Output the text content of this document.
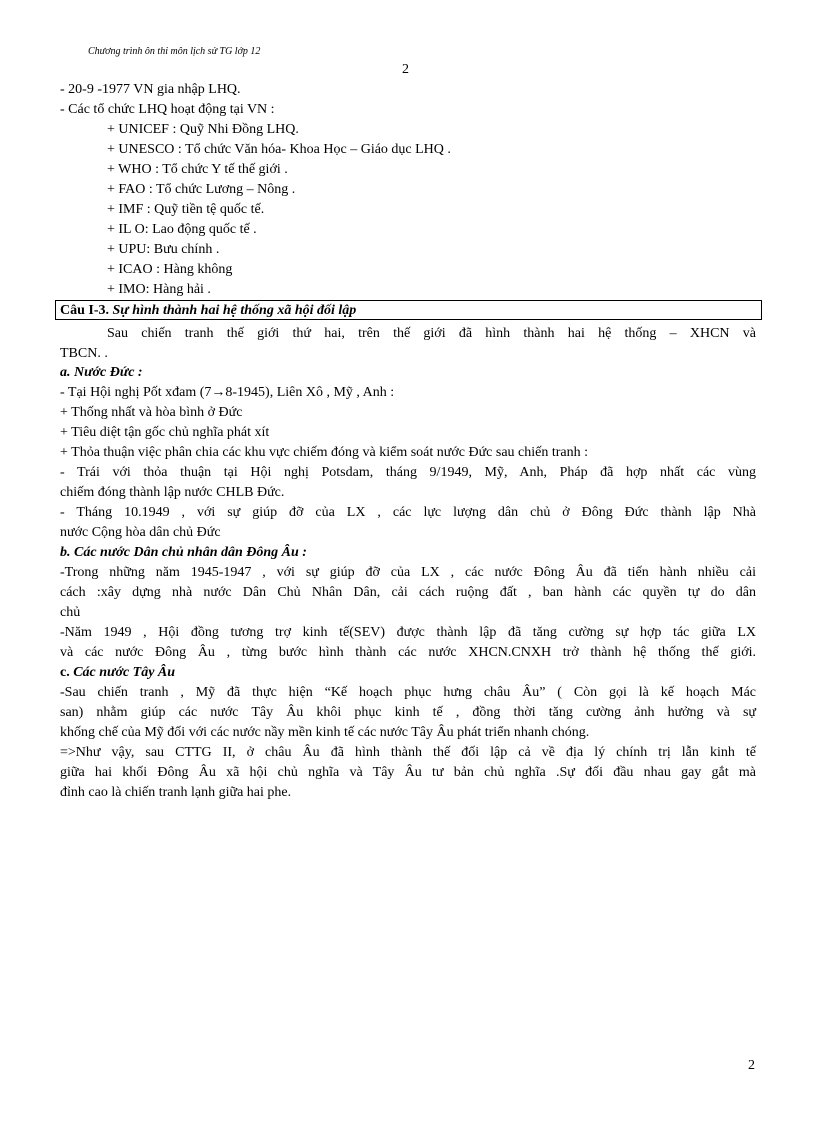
Chương trình ôn thi môn lịch sử TG lớp 12
2
- 20-9 -1977 VN gia nhập LHQ.
- Các tổ chức LHQ hoạt động tại VN :
+ UNICEF : Quỹ Nhi Đồng LHQ.
+ UNESCO : Tổ chức Văn hóa- Khoa Học – Giáo dục LHQ .
+ WHO : Tổ chức Y tế thế giới .
+ FAO : Tổ chức Lương – Nông .
+ IMF : Quỹ tiền tệ quốc tế.
+ IL O: Lao động quốc tế .
+ UPU: Bưu chính .
+ ICAO : Hàng không
+ IMO: Hàng hải .
Câu I-3. Sự hình thành hai hệ thống xã hội đối lập
Sau chiến tranh thế giới thứ hai, trên thế giới đã hình thành hai hệ thống – XHCN và
TBCN. .
a. Nước Đức :
- Tại Hội nghị Pốt xđam (7→8-1945), Liên Xô , Mỹ , Anh :
+ Thống nhất và hòa bình ở Đức
+ Tiêu diệt tận gốc chủ nghĩa phát xít
+ Thỏa thuận việc phân chia các khu vực chiếm đóng và kiểm soát nước Đức sau chiến tranh :
- Trái với thỏa thuận tại Hội nghị Potsdam, tháng 9/1949, Mỹ, Anh, Pháp đã hợp nhất các vùng
chiếm đóng thành lập nước CHLB Đức.
- Tháng 10.1949 , với sự giúp đỡ của LX , các lực lượng dân chủ ở Đông Đức thành lập Nhà
nước Cộng hòa dân chủ Đức
b. Các nước Dân chủ nhân dân Đông Âu :
-Trong những năm 1945-1947 , với sự giúp đỡ của LX , các nước Đông Âu đã tiến hành nhiều cải
cách :xây dựng nhà nước Dân Chủ Nhân Dân, cải cách ruộng đất , ban hành các quyền tự do dân
chủ
-Năm 1949 , Hội đồng tương trợ kinh tế(SEV) được thành lập đã tăng cường sự hợp tác giữa LX
và các nước Đông Âu , từng bước hình thành các nước XHCN.CNXH trở thành hệ thống thế giới.
c. Các nước Tây Âu
-Sau chiến tranh , Mỹ đã thực hiện “Kế hoạch phục hưng châu Âu” ( Còn gọi là kế hoạch Mác
san) nhằm giúp các nước Tây Âu khôi phục kinh tế , đồng thời tăng cường ảnh hưởng và sự
khống chế của Mỹ đối với các nước nầy mền kinh tế các nước Tây Âu phát triển nhanh chóng.
=>Như vậy, sau CTTG II, ở châu Âu đã hình thành thế đối lập cả về địa lý chính trị lẫn kinh tế
giữa hai khối Đông Âu xã hội chủ nghĩa và Tây Âu tư bản chủ nghĩa .Sự đối đầu nhau gay gắt mà
đỉnh cao là chiến tranh lạnh giữa hai phe.
2
